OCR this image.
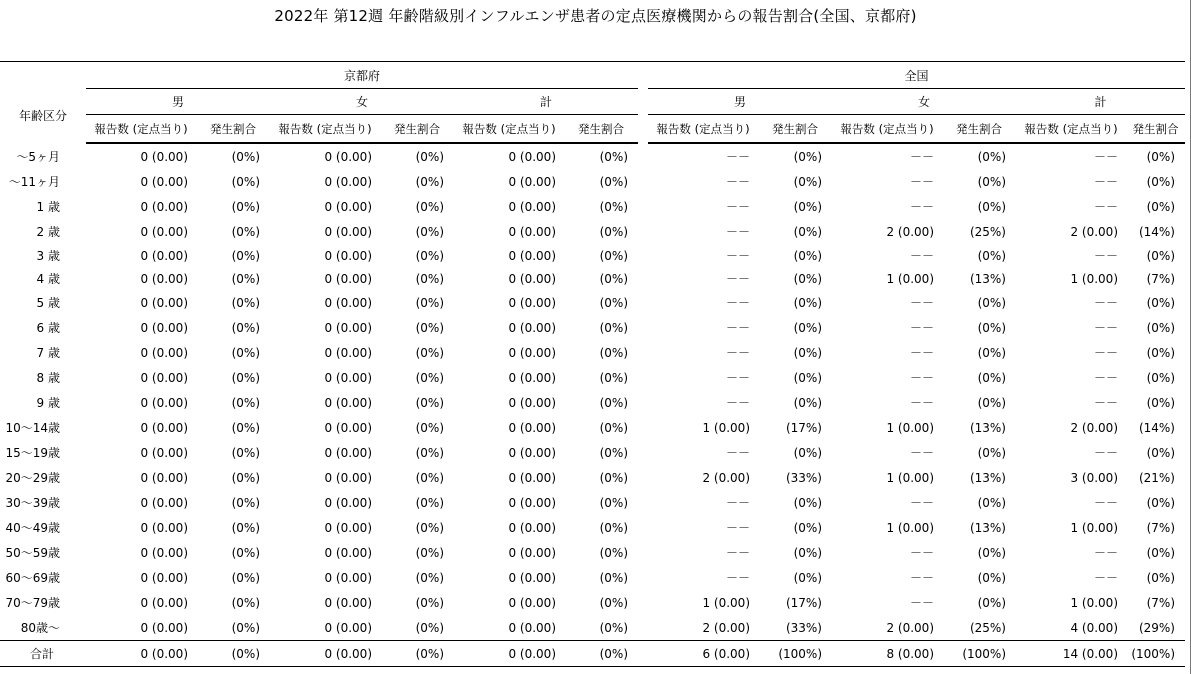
2022年 第12週 年齢階級別インフルエンザ患者の定点医療機関からの報告割合(全国、京都府)
	京都府							全国					
年齢区分	男		女		計			男		女		計	
	報告数 (定点当り)	発生割合	報告数 (定点当り)	発生割合	報告数 (定点当り)	発生割合		報告数 (定点当り)	発生割合	報告数 (定点当り)	発生割合	報告数 (定点当り)	発生割合
〜5ヶ月	0 (0.00)	(0%)	0 (0.00)	(0%)	0 (0.00)	(0%)		－－	(0%)	－－	(0%)	－－	(0%)
〜11ヶ月	0 (0.00)	(0%)	0 (0.00)	(0%)	0 (0.00)	(0%)		－－	(0%)	－－	(0%)	－－	(0%)
1 歳	0 (0.00)	(0%)	0 (0.00)	(0%)	0 (0.00)	(0%)		－－	(0%)	－－	(0%)	－－	(0%)
2 歳	0 (0.00)	(0%)	0 (0.00)	(0%)	0 (0.00)	(0%)		－－	(0%)	2 (0.00)	(25%)	2 (0.00)	(14%)
3 歳	0 (0.00)	(0%)	0 (0.00)	(0%)	0 (0.00)	(0%)		－－	(0%)	－－	(0%)	－－	(0%)
4 歳	0 (0.00)	(0%)	0 (0.00)	(0%)	0 (0.00)	(0%)		－－	(0%)	1 (0.00)	(13%)	1 (0.00)	(7%)
5 歳	0 (0.00)	(0%)	0 (0.00)	(0%)	0 (0.00)	(0%)		－－	(0%)	－－	(0%)	－－	(0%)
6 歳	0 (0.00)	(0%)	0 (0.00)	(0%)	0 (0.00)	(0%)		－－	(0%)	－－	(0%)	－－	(0%)
7 歳	0 (0.00)	(0%)	0 (0.00)	(0%)	0 (0.00)	(0%)		－－	(0%)	－－	(0%)	－－	(0%)
8 歳	0 (0.00)	(0%)	0 (0.00)	(0%)	0 (0.00)	(0%)		－－	(0%)	－－	(0%)	－－	(0%)
9 歳	0 (0.00)	(0%)	0 (0.00)	(0%)	0 (0.00)	(0%)		－－	(0%)	－－	(0%)	－－	(0%)
10〜14歳	0 (0.00)	(0%)	0 (0.00)	(0%)	0 (0.00)	(0%)		1 (0.00)	(17%)	1 (0.00)	(13%)	2 (0.00)	(14%)
15〜19歳	0 (0.00)	(0%)	0 (0.00)	(0%)	0 (0.00)	(0%)		－－	(0%)	－－	(0%)	－－	(0%)
20〜29歳	0 (0.00)	(0%)	0 (0.00)	(0%)	0 (0.00)	(0%)		2 (0.00)	(33%)	1 (0.00)	(13%)	3 (0.00)	(21%)
30〜39歳	0 (0.00)	(0%)	0 (0.00)	(0%)	0 (0.00)	(0%)		－－	(0%)	－－	(0%)	－－	(0%)
40〜49歳	0 (0.00)	(0%)	0 (0.00)	(0%)	0 (0.00)	(0%)		－－	(0%)	1 (0.00)	(13%)	1 (0.00)	(7%)
50〜59歳	0 (0.00)	(0%)	0 (0.00)	(0%)	0 (0.00)	(0%)		－－	(0%)	－－	(0%)	－－	(0%)
60〜69歳	0 (0.00)	(0%)	0 (0.00)	(0%)	0 (0.00)	(0%)		－－	(0%)	－－	(0%)	－－	(0%)
70〜79歳	0 (0.00)	(0%)	0 (0.00)	(0%)	0 (0.00)	(0%)		1 (0.00)	(17%)	－－	(0%)	1 (0.00)	(7%)
80歳〜	0 (0.00)	(0%)	0 (0.00)	(0%)	0 (0.00)	(0%)		2 (0.00)	(33%)	2 (0.00)	(25%)	4 (0.00)	(29%)
合計	0 (0.00)	(0%)	0 (0.00)	(0%)	0 (0.00)	(0%)		6 (0.00)	(100%)	8 (0.00)	(100%)	14 (0.00)	(100%)
